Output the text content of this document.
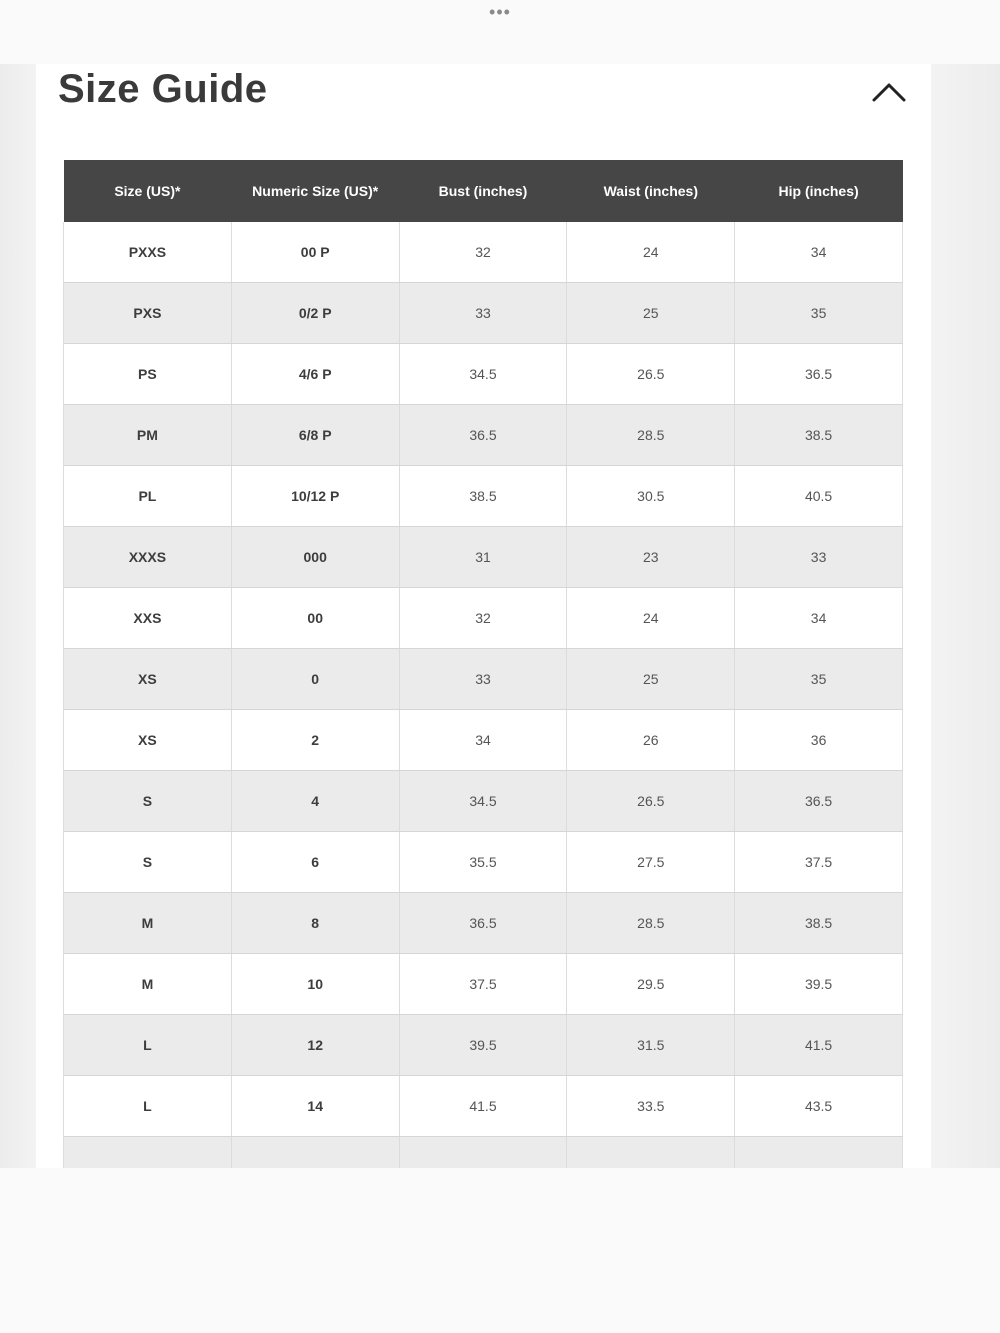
•••
Size Guide
Size (US)*	Numeric Size (US)*	Bust (inches)	Waist (inches)	Hip (inches)
PXXS	00 P	32	24	34
PXS	0/2 P	33	25	35
PS	4/6 P	34.5	26.5	36.5
PM	6/8 P	36.5	28.5	38.5
PL	10/12 P	38.5	30.5	40.5
XXXS	000	31	23	33
XXS	00	32	24	34
XS	0	33	25	35
XS	2	34	26	36
S	4	34.5	26.5	36.5
S	6	35.5	27.5	37.5
M	8	36.5	28.5	38.5
M	10	37.5	29.5	39.5
L	12	39.5	31.5	41.5
L	14	41.5	33.5	43.5
